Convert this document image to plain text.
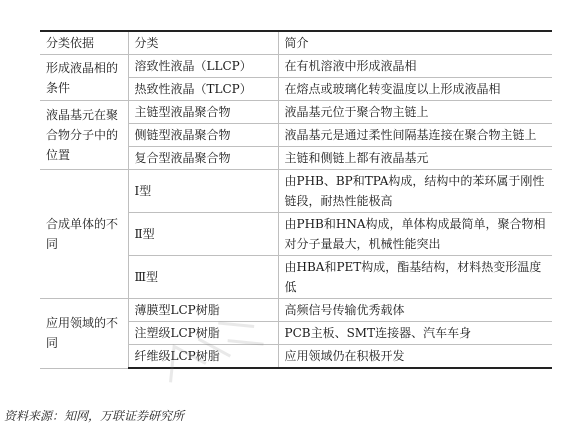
分类依据	分类	简介
形成液晶相的条件	溶致性液晶（LLCP）	在有机溶液中形成液晶相
	热致性液晶（TLCP）	在熔点或玻璃化转变温度以上形成液晶相
液晶基元在聚合物分子中的位置	主链型液晶聚合物	液晶基元位于聚合物主链上
	侧链型液晶聚合物	液晶基元是通过柔性间隔基连接在聚合物主链上
	复合型液晶聚合物	主链和侧链上都有液晶基元
合成单体的不同	Ⅰ型	由PHB、BP和TPA构成，结构中的苯环属于刚性链段，耐热性能极高
	Ⅱ型	由PHB和HNA构成，单体构成最简单，聚合物相对分子量最大，机械性能突出
	Ⅲ型	由HBA和PET构成，酯基结构，材料热变形温度低
应用领域的不同	薄膜型LCP树脂	高频信号传输优秀载体
	注塑级LCP树脂	PCB主板、SMT连接器、汽车车身
	纤维级LCP树脂	应用领域仍在积极开发
资料来源：知网，万联证券研究所
